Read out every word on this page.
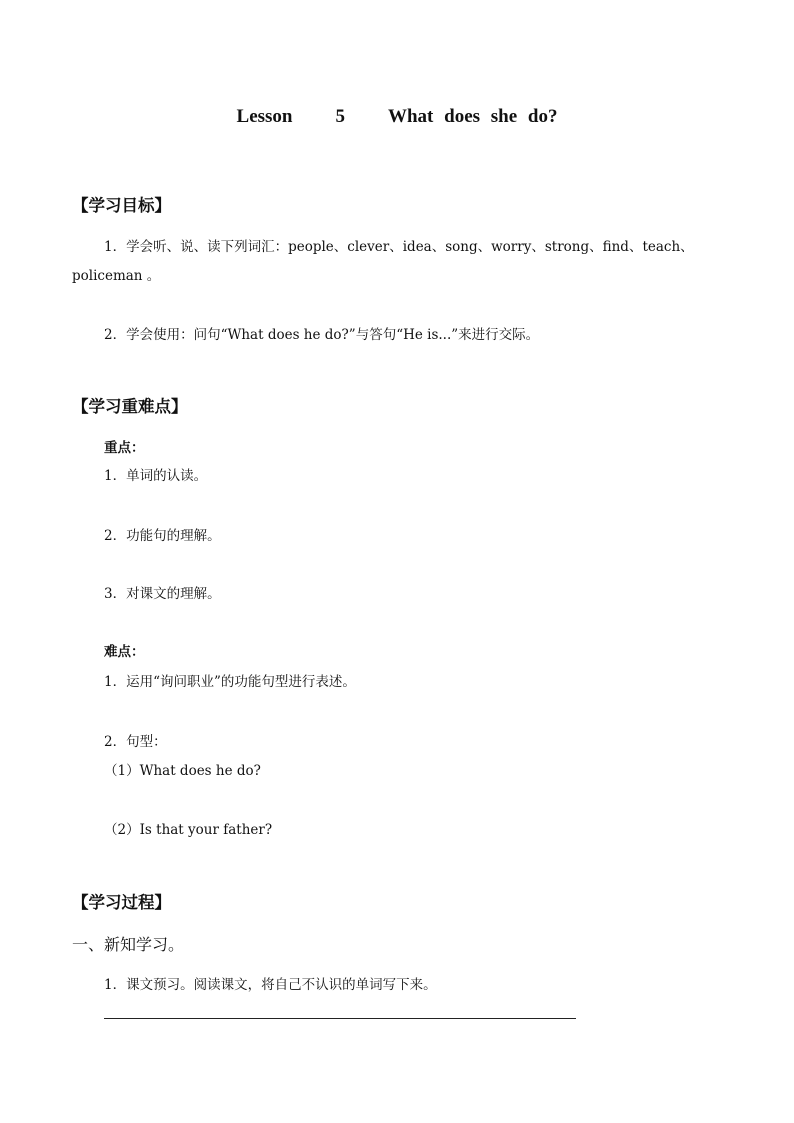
Lesson    5    What does she do?
【学习目标】
1．学会听、说、读下列词汇：people、clever、idea、song、worry、strong、find、teach、
policeman 。
2．学会使用：问句“What does he do?”与答句“He is...”来进行交际。
【学习重难点】
重点：
1．单词的认读。
2．功能句的理解。
3．对课文的理解。
难点：
1．运用“询问职业”的功能句型进行表述。
2．句型：
（1）What does he do?
（2）Is that your father?
【学习过程】
一、新知学习。
1．课文预习。阅读课文，将自己不认识的单词写下来。
